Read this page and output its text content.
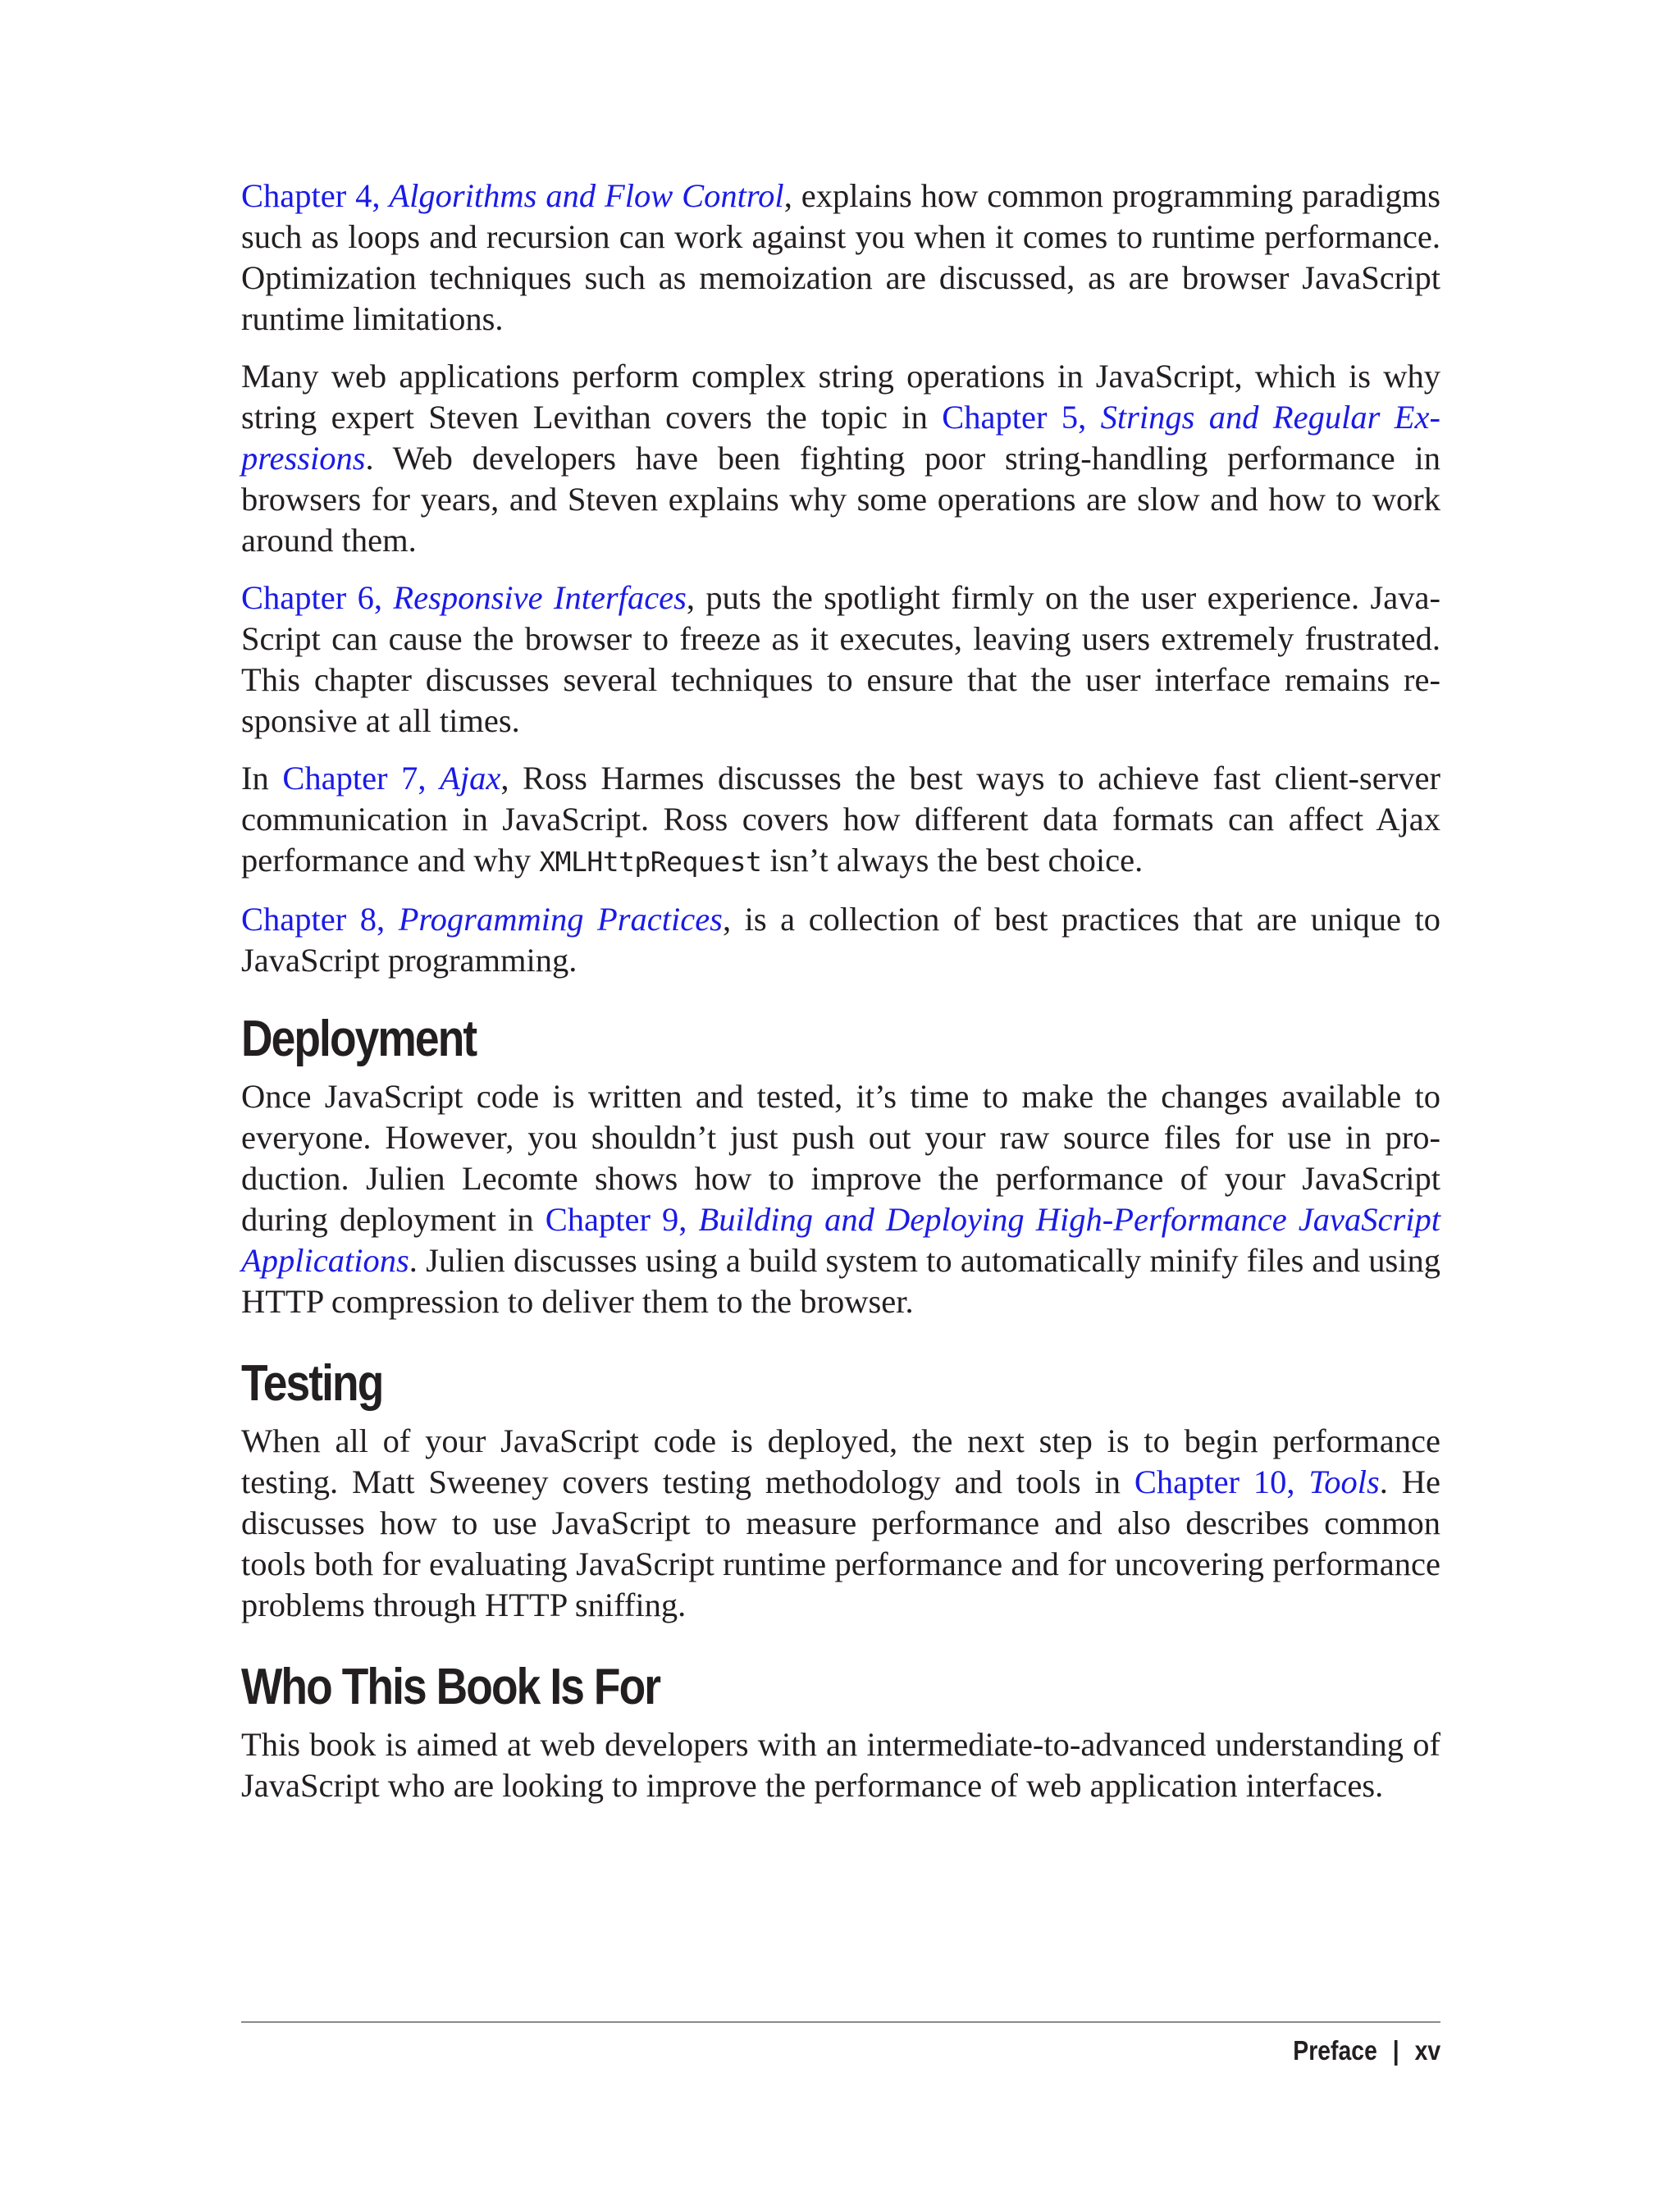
Chapter 4, Algorithms and Flow Control, explains how common programming paradigms such as loops and recursion can work against you when it comes to runtime performance. Optimization techniques such as memoization are discussed, as are browser JavaScript runtime limitations.

Many web applications perform complex string operations in JavaScript, which is why string expert Steven Levithan covers the topic in Chapter 5, Strings and Regular Expressions. Web developers have been fighting poor string-handling performance in browsers for years, and Steven explains why some operations are slow and how to work around them.

Chapter 6, Responsive Interfaces, puts the spotlight firmly on the user experience. JavaScript can cause the browser to freeze as it executes, leaving users extremely frustrated. This chapter discusses several techniques to ensure that the user interface remains responsive at all times.

In Chapter 7, Ajax, Ross Harmes discusses the best ways to achieve fast client-server communication in JavaScript. Ross covers how different data formats can affect Ajax performance and why XMLHttpRequest isn’t always the best choice.

Chapter 8, Programming Practices, is a collection of best practices that are unique to JavaScript programming.

Deployment

Once JavaScript code is written and tested, it’s time to make the changes available to everyone. However, you shouldn’t just push out your raw source files for use in production. Julien Lecomte shows how to improve the performance of your JavaScript during deployment in Chapter 9, Building and Deploying High-Performance JavaScript Applications. Julien discusses using a build system to automatically minify files and using HTTP compression to deliver them to the browser.

Testing

When all of your JavaScript code is deployed, the next step is to begin performance testing. Matt Sweeney covers testing methodology and tools in Chapter 10, Tools. He discusses how to use JavaScript to measure performance and also describes common tools both for evaluating JavaScript runtime performance and for uncovering performance problems through HTTP sniffing.

Who This Book Is For

This book is aimed at web developers with an intermediate-to-advanced understanding of JavaScript who are looking to improve the performance of web application interfaces.

Preface | xv
